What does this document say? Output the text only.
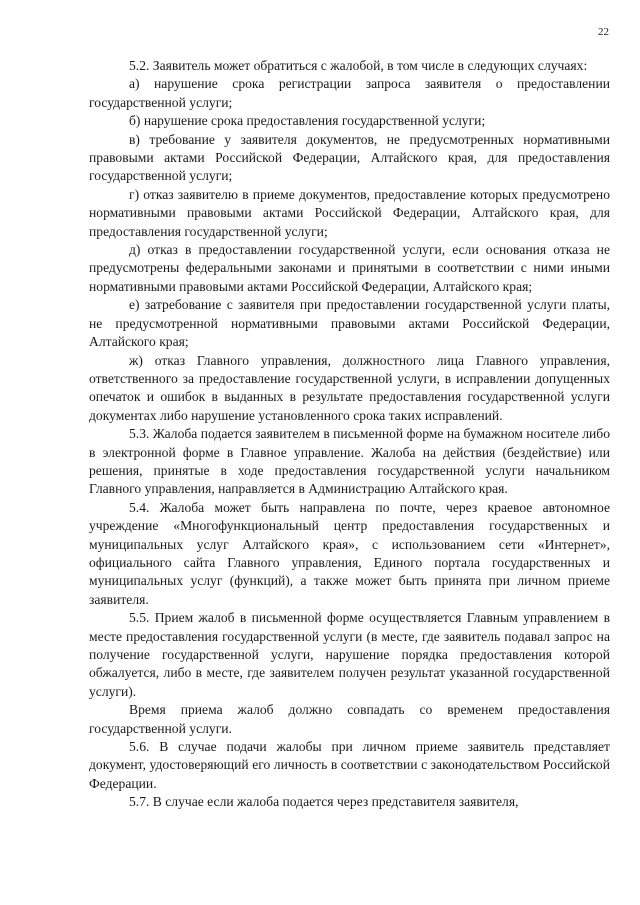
22

5.2. Заявитель может обратиться с жалобой, в том числе в следующих случаях:

а) нарушение срока регистрации запроса заявителя о предоставлении государственной услуги;

б) нарушение срока предоставления государственной услуги;

в) требование у заявителя документов, не предусмотренных нормативными правовыми актами Российской Федерации, Алтайского края, для предоставления государственной услуги;

г) отказ заявителю в приеме документов, предоставление которых предусмотрено нормативными правовыми актами Российской Федерации, Алтайского края, для предоставления государственной услуги;

д) отказ в предоставлении государственной услуги, если основания отказа не предусмотрены федеральными законами и принятыми в соответствии с ними иными нормативными правовыми актами Российской Федерации, Алтайского края;

е) затребование с заявителя при предоставлении государственной услуги платы, не предусмотренной нормативными правовыми актами Российской Федерации, Алтайского края;

ж) отказ Главного управления, должностного лица Главного управления, ответственного за предоставление государственной услуги, в исправлении допущенных опечаток и ошибок в выданных в результате предоставления государственной услуги документах либо нарушение установленного срока таких исправлений.

5.3. Жалоба подается заявителем в письменной форме на бумажном носителе либо в электронной форме в Главное управление. Жалоба на действия (бездействие) или решения, принятые в ходе предоставления государственной услуги начальником Главного управления, направляется в Администрацию Алтайского края.

5.4. Жалоба может быть направлена по почте, через краевое автономное учреждение «Многофункциональный центр предоставления государственных и муниципальных услуг Алтайского края», с использованием сети «Интернет», официального сайта Главного управления, Единого портала государственных и муниципальных услуг (функций), а также может быть принята при личном приеме заявителя.

5.5. Прием жалоб в письменной форме осуществляется Главным управлением в месте предоставления государственной услуги (в месте, где заявитель подавал запрос на получение государственной услуги, нарушение порядка предоставления которой обжалуется, либо в месте, где заявителем получен результат указанной государственной услуги).

Время приема жалоб должно совпадать со временем предоставления государственной услуги.

5.6. В случае подачи жалобы при личном приеме заявитель представляет документ, удостоверяющий его личность в соответствии с законодательством Российской Федерации.

5.7. В случае если жалоба подается через представителя заявителя,
